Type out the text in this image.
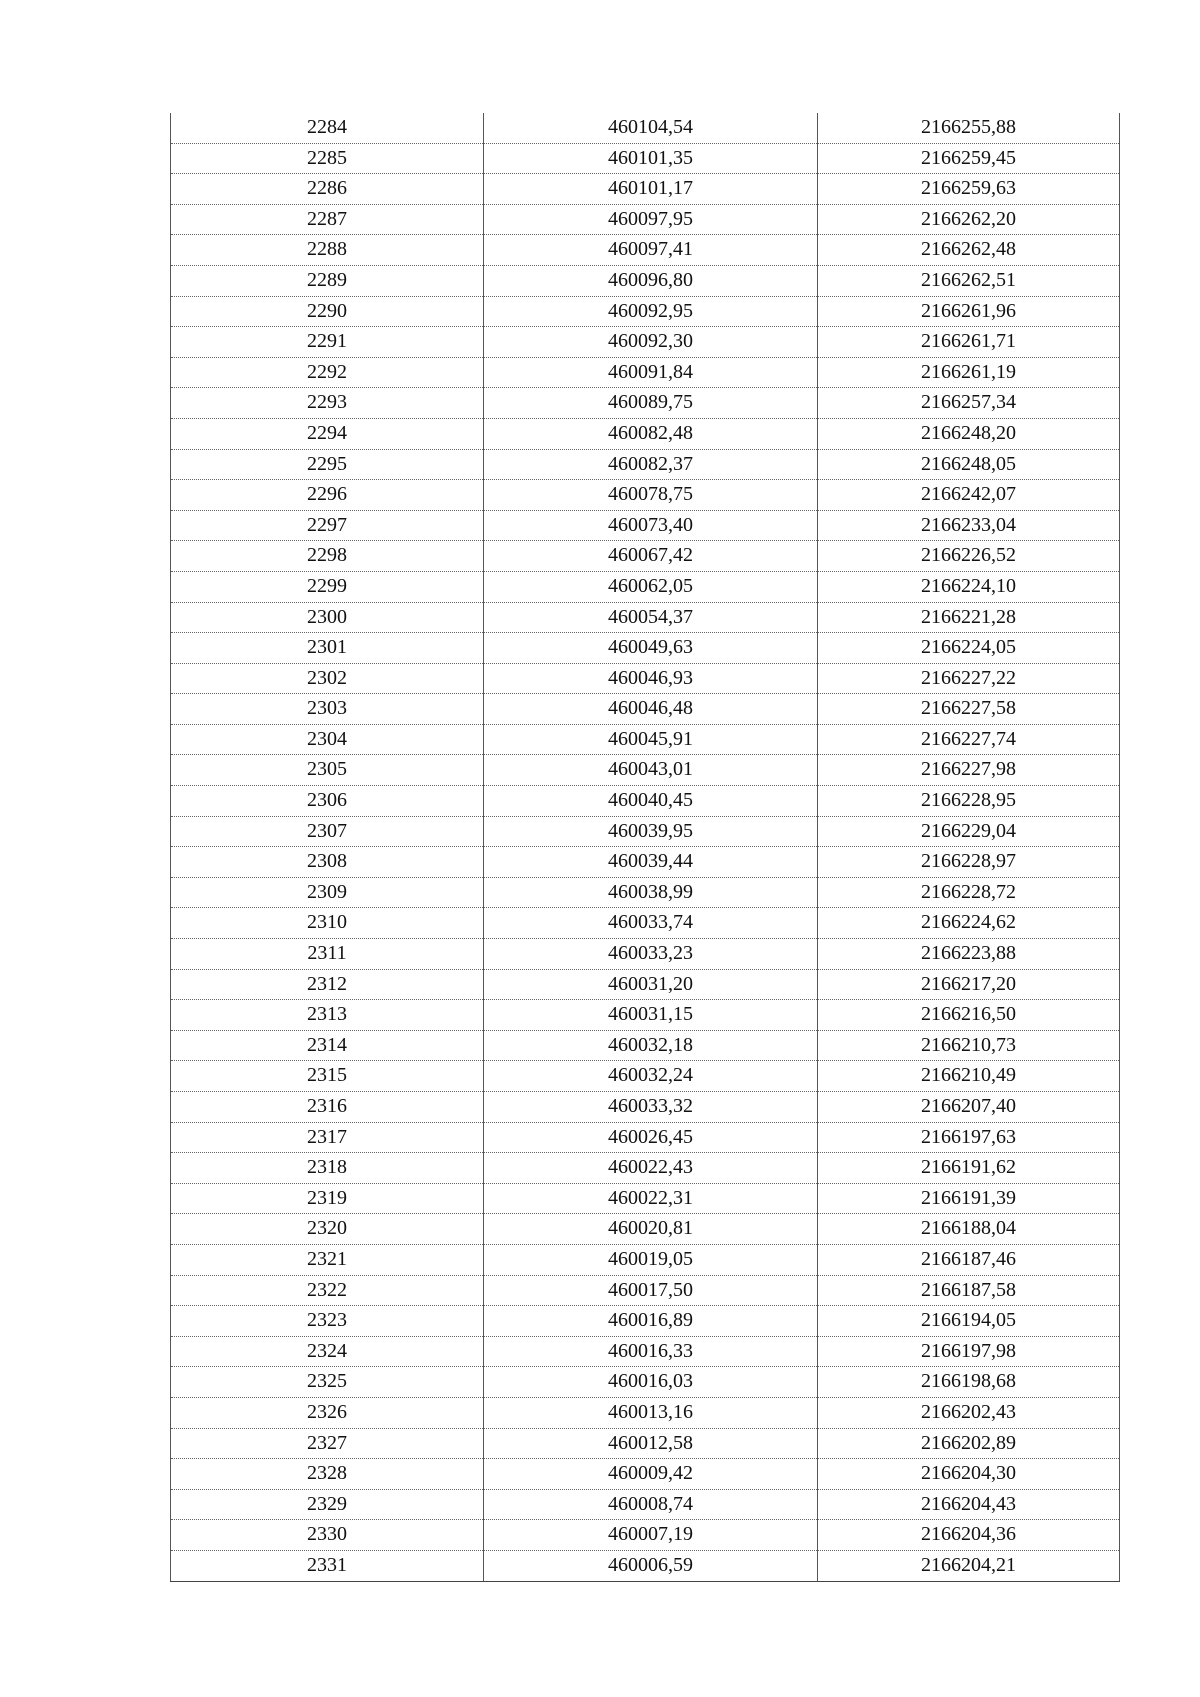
2284	460104,54	2166255,88
2285	460101,35	2166259,45
2286	460101,17	2166259,63
2287	460097,95	2166262,20
2288	460097,41	2166262,48
2289	460096,80	2166262,51
2290	460092,95	2166261,96
2291	460092,30	2166261,71
2292	460091,84	2166261,19
2293	460089,75	2166257,34
2294	460082,48	2166248,20
2295	460082,37	2166248,05
2296	460078,75	2166242,07
2297	460073,40	2166233,04
2298	460067,42	2166226,52
2299	460062,05	2166224,10
2300	460054,37	2166221,28
2301	460049,63	2166224,05
2302	460046,93	2166227,22
2303	460046,48	2166227,58
2304	460045,91	2166227,74
2305	460043,01	2166227,98
2306	460040,45	2166228,95
2307	460039,95	2166229,04
2308	460039,44	2166228,97
2309	460038,99	2166228,72
2310	460033,74	2166224,62
2311	460033,23	2166223,88
2312	460031,20	2166217,20
2313	460031,15	2166216,50
2314	460032,18	2166210,73
2315	460032,24	2166210,49
2316	460033,32	2166207,40
2317	460026,45	2166197,63
2318	460022,43	2166191,62
2319	460022,31	2166191,39
2320	460020,81	2166188,04
2321	460019,05	2166187,46
2322	460017,50	2166187,58
2323	460016,89	2166194,05
2324	460016,33	2166197,98
2325	460016,03	2166198,68
2326	460013,16	2166202,43
2327	460012,58	2166202,89
2328	460009,42	2166204,30
2329	460008,74	2166204,43
2330	460007,19	2166204,36
2331	460006,59	2166204,21
